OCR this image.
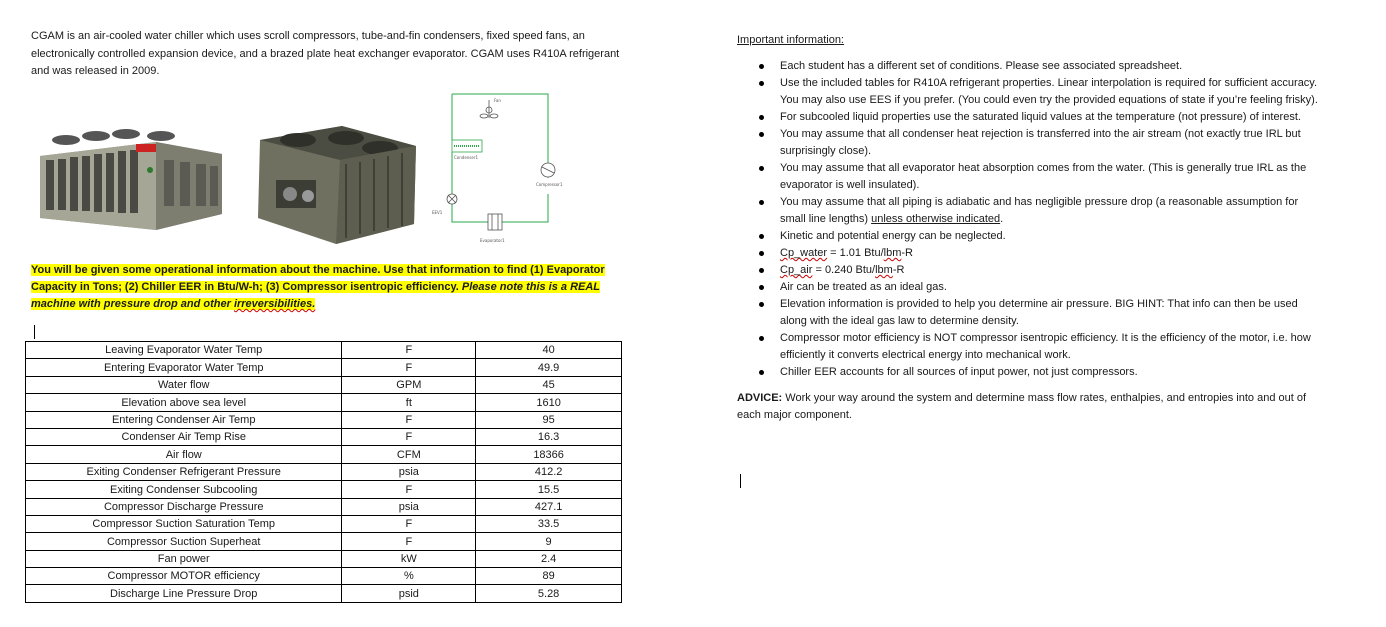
CGAM is an air-cooled water chiller which uses scroll compressors, tube-and-fin condensers, fixed speed fans, an electronically controlled expansion device, and a brazed plate heat exchanger evaporator. CGAM uses R410A refrigerant and was released in 2009.
Fan
Condenser1
Compressor1
EEV1
Evaporator1
You will be given some operational information about the machine. Use that information to find (1) Evaporator Capacity in Tons; (2) Chiller EER in Btu/W-h; (3) Compressor isentropic efficiency. Please note this is a REAL machine with pressure drop and other irreversibilities.
Leaving Evaporator Water Temp	F	40
Entering Evaporator Water Temp	F	49.9
Water flow	GPM	45
Elevation above sea level	ft	1610
Entering Condenser Air Temp	F	95
Condenser Air Temp Rise	F	16.3
Air flow	CFM	18366
Exiting Condenser Refrigerant Pressure	psia	412.2
Exiting Condenser Subcooling	F	15.5
Compressor Discharge Pressure	psia	427.1
Compressor Suction Saturation Temp	F	33.5
Compressor Suction Superheat	F	9
Fan power	kW	2.4
Compressor MOTOR efficiency	%	89
Discharge Line Pressure Drop	psid	5.28
Important information:
Each student has a different set of conditions. Please see associated spreadsheet.
Use the included tables for R410A refrigerant properties. Linear interpolation is required for sufficient accuracy. You may also use EES if you prefer. (You could even try the provided equations of state if you’re feeling frisky).
For subcooled liquid properties use the saturated liquid values at the temperature (not pressure) of interest.
You may assume that all condenser heat rejection is transferred into the air stream (not exactly true IRL but surprisingly close).
You may assume that all evaporator heat absorption comes from the water. (This is generally true IRL as the evaporator is well insulated).
You may assume that all piping is adiabatic and has negligible pressure drop (a reasonable assumption for small line lengths) unless otherwise indicated.
Kinetic and potential energy can be neglected.
Cp_water = 1.01 Btu/lbm-R
Cp_air = 0.240 Btu/lbm-R
Air can be treated as an ideal gas.
Elevation information is provided to help you determine air pressure. BIG HINT: That info can then be used along with the ideal gas law to determine density.
Compressor motor efficiency is NOT compressor isentropic efficiency. It is the efficiency of the motor, i.e. how efficiently it converts electrical energy into mechanical work.
Chiller EER accounts for all sources of input power, not just compressors.
ADVICE: Work your way around the system and determine mass flow rates, enthalpies, and entropies into and out of each major component.
